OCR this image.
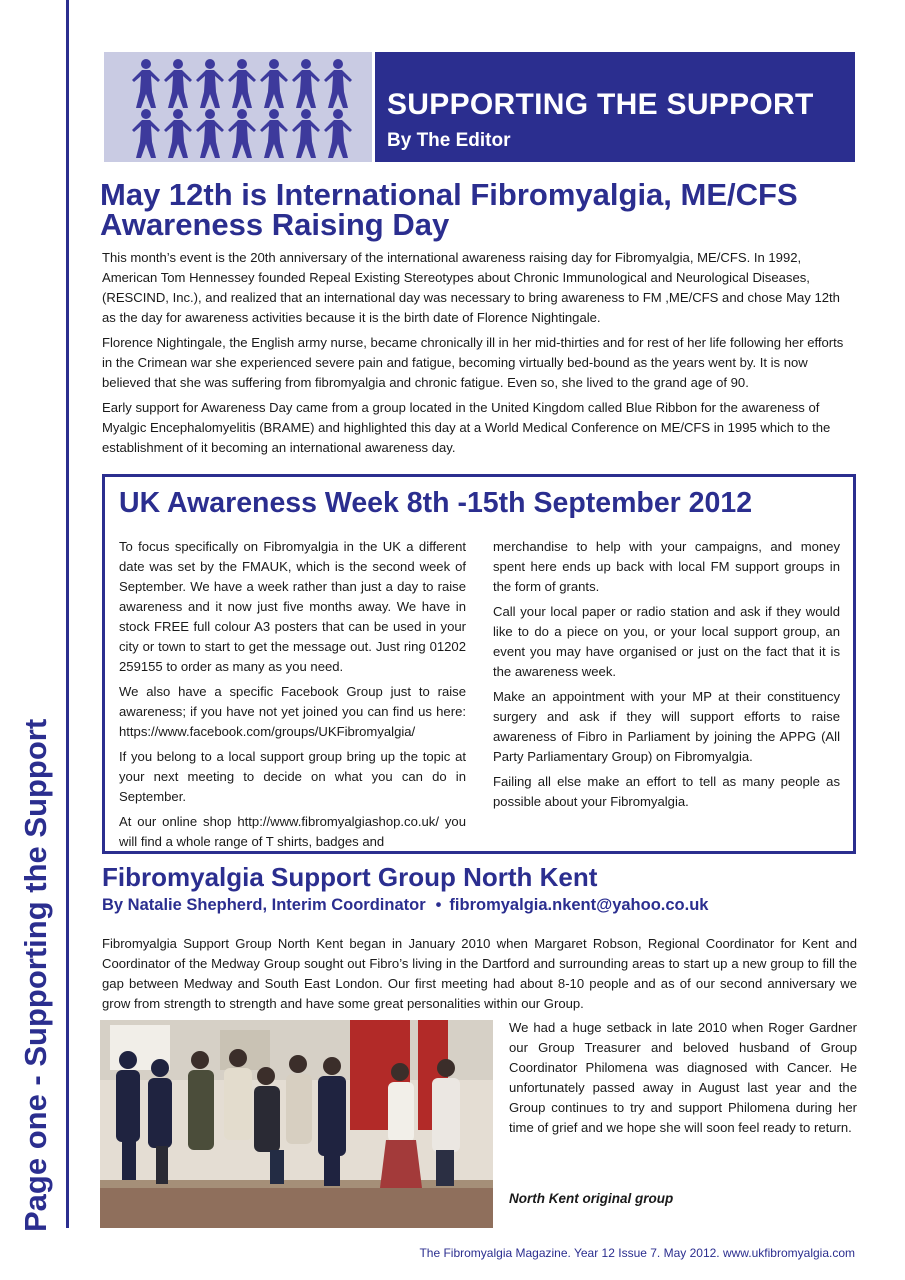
Page one - Supporting the Support
SUPPORTING THE SUPPORT
By The Editor
May 12th is International Fibromyalgia, ME/CFS Awareness Raising Day

This month’s event is the 20th anniversary of the international awareness raising day for Fibromyalgia, ME/CFS. In 1992, American Tom Hennessey founded Repeal Existing Stereotypes about Chronic Immunological and Neurological Diseases, (RESCIND, Inc.), and realized that an international day was necessary to bring awareness to FM ,ME/CFS and chose May 12th as the day for awareness activities because it is the birth date of Florence Nightingale.

Florence Nightingale, the English army nurse, became chronically ill in her mid-thirties and for rest of her life following her efforts in the Crimean war she experienced severe pain and fatigue, becoming virtually bed-bound as the years went by. It is now believed that she was suffering from fibromyalgia and chronic fatigue. Even so, she lived to the grand age of 90.

Early support for Awareness Day came from a group located in the United Kingdom called Blue Ribbon for the awareness of Myalgic Encephalomyelitis (BRAME) and highlighted this day at a World Medical Conference on ME/CFS in 1995 which to the establishment of it becoming an international awareness day.

UK Awareness Week 8th -15th September 2012

To focus specifically on Fibromyalgia in the UK a different date was set by the FMAUK, which is the second week of September. We have a week rather than just a day to raise awareness and it now just five months away. We have in stock FREE full colour A3 posters that can be used in your city or town to start to get the message out. Just ring 01202 259155 to order as many as you need.

We also have a specific Facebook Group just to raise awareness; if you have not yet joined you can find us here: https://www.facebook.com/groups/UKFibromyalgia/

If you belong to a local support group bring up the topic at your next meeting to decide on what you can do in September.

At our online shop http://www.fibromyalgiashop.co.uk/ you will find a whole range of T shirts, badges and

merchandise to help with your campaigns, and money spent here ends up back with local FM support groups in the form of grants.

Call your local paper or radio station and ask if they would like to do a piece on you, or your local support group, an event you may have organised or just on the fact that it is the awareness week.

Make an appointment with your MP at their constituency surgery and ask if they will support efforts to raise awareness of Fibro in Parliament by joining the APPG (All Party Parliamentary Group) on Fibromyalgia.

Failing all else make an effort to tell as many people as possible about your Fibromyalgia.

Fibromyalgia Support Group North Kent
By Natalie Shepherd, Interim Coordinator • fibromyalgia.nkent@yahoo.co.uk

Fibromyalgia Support Group North Kent began in January 2010 when Margaret Robson, Regional Coordinator for Kent and Coordinator of the Medway Group sought out Fibro’s living in the Dartford and surrounding areas to start up a new group to fill the gap between Medway and South East London. Our first meeting had about 8-10 people and as of our second anniversary we grow from strength to strength and have some great personalities within our Group.

We had a huge setback in late 2010 when Roger Gardner our Group Treasurer and beloved husband of Group Coordinator Philomena was diagnosed with Cancer. He unfortunately passed away in August last year and the Group continues to try and support Philomena during her time of grief and we hope she will soon feel ready to return.

North Kent original group
The Fibromyalgia Magazine. Year 12 Issue 7. May 2012. www.ukfibromyalgia.com
